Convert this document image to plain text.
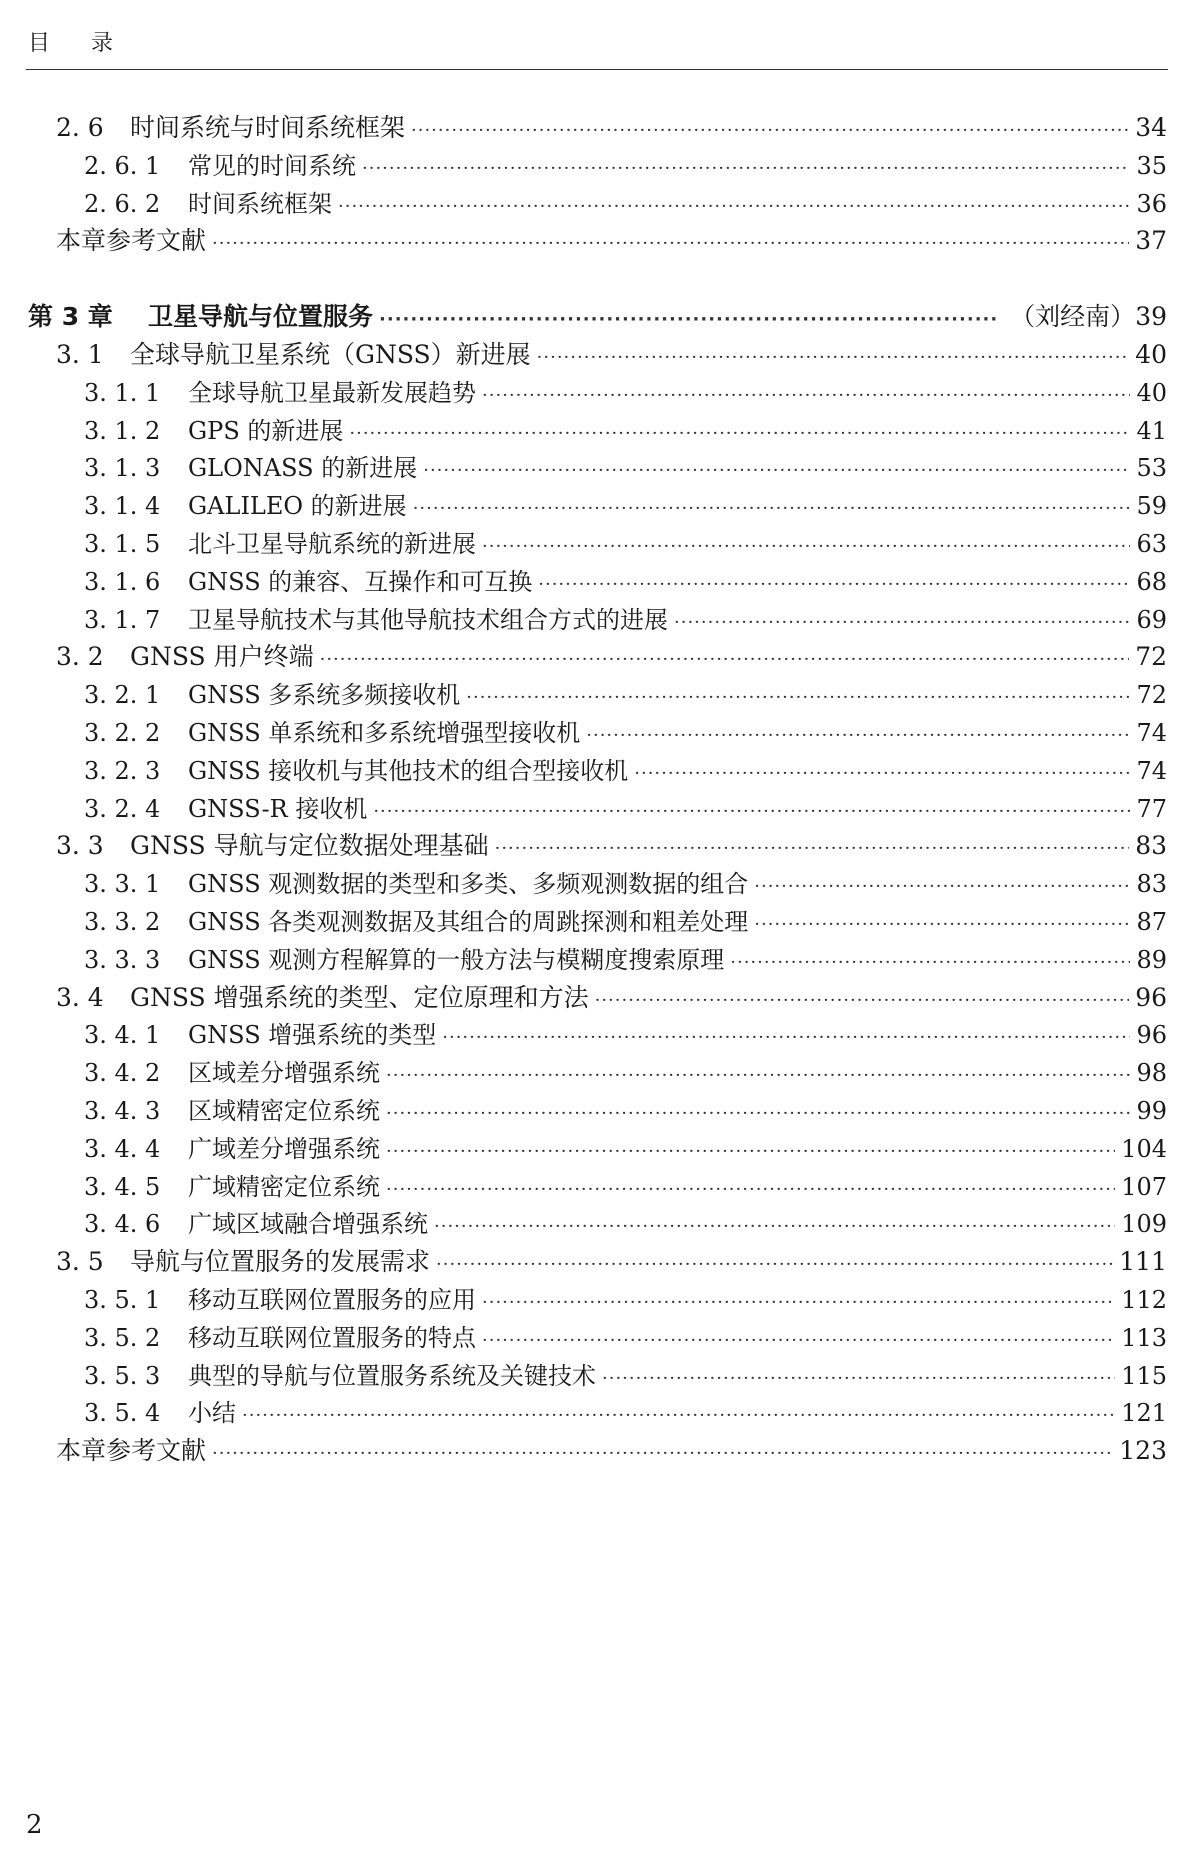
目 录
2. 6	时间系统与时间系统框架 ·····	34
2. 6. 1	常见的时间系统 ·····	35
2. 6. 2	时间系统框架 ·····	36
本章参考文献 ·····	37
第 3 章	卫星导航与位置服务 ·····	（刘经南） 39
3. 1	全球导航卫星系统（GNSS）新进展 ·····	40
3. 1. 1	全球导航卫星最新发展趋势 ·····	40
3. 1. 2	GPS 的新进展 ·····	41
3. 1. 3	GLONASS 的新进展 ·····	53
3. 1. 4	GALILEO 的新进展 ·····	59
3. 1. 5	北斗卫星导航系统的新进展 ·····	63
3. 1. 6	GNSS 的兼容、互操作和可互换 ·····	68
3. 1. 7	卫星导航技术与其他导航技术组合方式的进展 ·····	69
3. 2	GNSS 用户终端 ·····	72
3. 2. 1	GNSS 多系统多频接收机 ·····	72
3. 2. 2	GNSS 单系统和多系统增强型接收机 ·····	74
3. 2. 3	GNSS 接收机与其他技术的组合型接收机 ·····	74
3. 2. 4	GNSS-R 接收机 ·····	77
3. 3	GNSS 导航与定位数据处理基础 ·····	83
3. 3. 1	GNSS 观测数据的类型和多类、多频观测数据的组合 ·····	83
3. 3. 2	GNSS 各类观测数据及其组合的周跳探测和粗差处理 ·····	87
3. 3. 3	GNSS 观测方程解算的一般方法与模糊度搜索原理 ·····	89
3. 4	GNSS 增强系统的类型、定位原理和方法 ·····	96
3. 4. 1	GNSS 增强系统的类型 ·····	96
3. 4. 2	区域差分增强系统 ·····	98
3. 4. 3	区域精密定位系统 ·····	99
3. 4. 4	广域差分增强系统 ·····	104
3. 4. 5	广域精密定位系统 ·····	107
3. 4. 6	广域区域融合增强系统 ·····	109
3. 5	导航与位置服务的发展需求 ·····	111
3. 5. 1	移动互联网位置服务的应用 ·····	112
3. 5. 2	移动互联网位置服务的特点 ·····	113
3. 5. 3	典型的导航与位置服务系统及关键技术 ·····	115
3. 5. 4	小结 ·····	121
本章参考文献 ·····	123
2
